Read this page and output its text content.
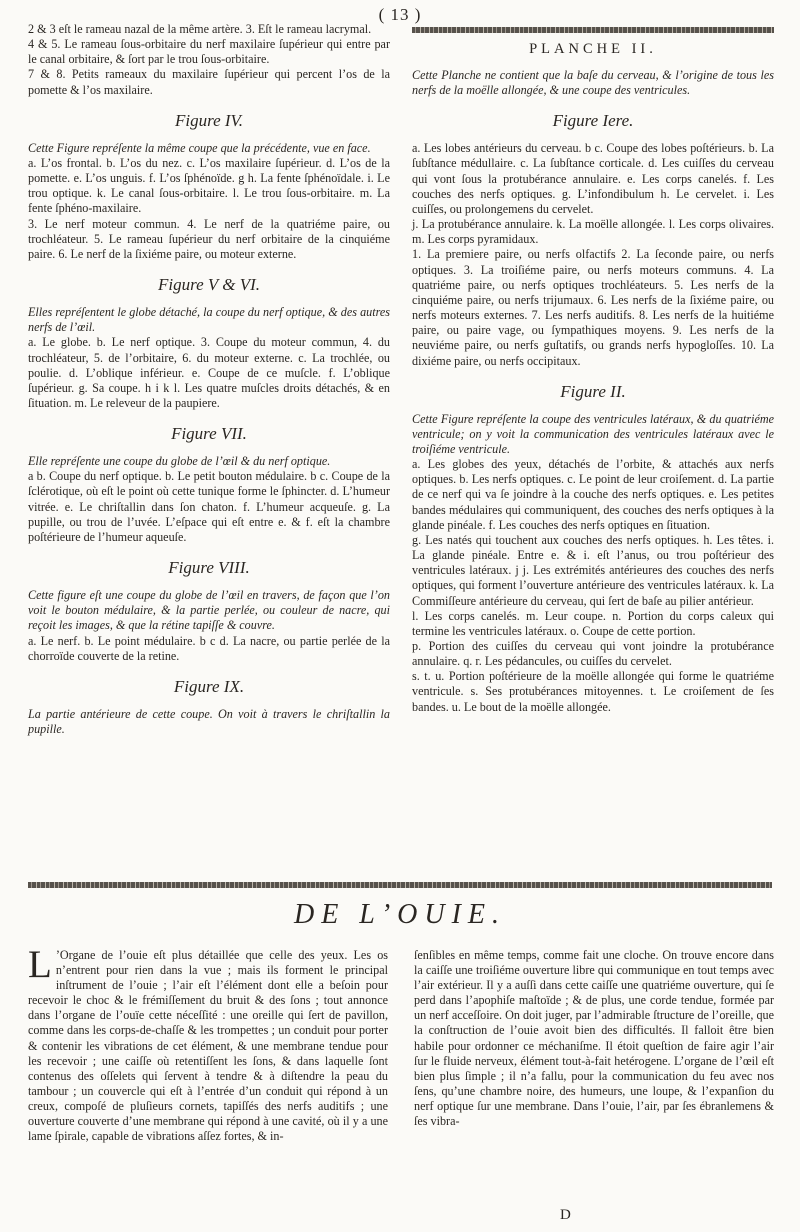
( 13 )

2 & 3 eſt le rameau nazal de la même artère. 3. Eſt le rameau lacrymal.

4 & 5. Le rameau ſous-orbitaire du nerf maxilaire ſupérieur qui entre par le canal orbitaire, & ſort par le trou ſous-orbitaire.

7 & 8. Petits rameaux du maxilaire ſupérieur qui percent l’os de la pomette & l’os maxilaire.

Figure IV.

Cette Figure repréſente la même coupe que la précédente, vue en face.

a. L’os frontal. b. L’os du nez. c. L’os maxilaire ſupérieur. d. L’os de la pomette. e. L’os unguis. f. L’os ſphénoïde. g h. La fente ſphénoïdale. i. Le trou optique. k. Le canal ſous-orbitaire. l. Le trou ſous-orbitaire. m. La fente ſphéno-maxilaire.

3. Le nerf moteur commun. 4. Le nerf de la quatriéme paire, ou trochléateur. 5. Le rameau ſupérieur du nerf orbitaire de la cinquiéme paire. 6. Le nerf de la ſixiéme paire, ou moteur externe.

Figure V & VI.

Elles repréſentent le globe détaché, la coupe du nerf optique, & des autres nerfs de l’œil.

a. Le globe. b. Le nerf optique. 3. Coupe du moteur commun, 4. du trochléateur, 5. de l’orbitaire, 6. du moteur externe. c. La trochlée, ou poulie. d. L’oblique inférieur. e. Coupe de ce muſcle. f. L’oblique ſupérieur. g. Sa coupe. h i k l. Les quatre muſcles droits détachés, & en ſituation. m. Le releveur de la paupiere.

Figure VII.

Elle repréſente une coupe du globe de l’œil & du nerf optique.

a b. Coupe du nerf optique. b. Le petit bouton médulaire. b c. Coupe de la ſclérotique, où eſt le point où cette tunique forme le ſphincter. d. L’humeur vitrée. e. Le chriſtallin dans ſon chaton. f. L’humeur acqueuſe. g. La pupille, ou trou de l’uvée. L’eſpace qui eſt entre e. & f. eſt la chambre poſtérieure de l’humeur aqueuſe.

Figure VIII.

Cette figure eſt une coupe du globe de l’œil en travers, de façon que l’on voit le bouton médulaire, & la partie perlée, ou couleur de nacre, qui reçoit les images, & que la rétine tapiſſe & couvre.

a. Le nerf. b. Le point médulaire. b c d. La nacre, ou partie perlée de la chorroïde couverte de la retine.

Figure IX.

La partie antérieure de cette coupe. On voit à travers le chriſtallin la pupille.

PLANCHE II.

Cette Planche ne contient que la baſe du cerveau, & l’origine de tous les nerfs de la moëlle allongée, & une coupe des ventricules.

Figure Iere.

a. Les lobes antérieurs du cerveau. b c. Coupe des lobes poſtérieurs. b. La ſubſtance médullaire. c. La ſubſtance corticale. d. Les cuiſſes du cerveau qui vont ſous la protubérance annulaire. e. Les corps canelés. f. Les couches des nerfs optiques. g. L’infondibulum h. Le cervelet. i. Les cuiſſes, ou prolongemens du cervelet.

j. La protubérance annulaire. k. La moëlle allongée. l. Les corps olivaires. m. Les corps pyramidaux.

1. La premiere paire, ou nerfs olfactifs 2. La ſeconde paire, ou nerfs optiques. 3. La troiſiéme paire, ou nerfs moteurs communs. 4. La quatriéme paire, ou nerfs optiques trochléateurs. 5. Les nerfs de la cinquiéme paire, ou nerfs trijumaux. 6. Les nerfs de la ſixiéme paire, ou nerfs moteurs externes. 7. Les nerfs auditifs. 8. Les nerfs de la huitiéme paire, ou paire vage, ou ſympathiques moyens. 9. Les nerfs de la neuviéme paire, ou nerfs guſtatifs, ou grands nerfs hypogloſſes. 10. La dixiéme paire, ou nerfs occipitaux.

Figure II.

Cette Figure repréſente la coupe des ventricules latéraux, & du quatriéme ventricule; on y voit la communication des ventricules latéraux avec le troiſiéme ventricule.

a. Les globes des yeux, détachés de l’orbite, & attachés aux nerfs optiques. b. Les nerfs optiques. c. Le point de leur croiſement. d. La partie de ce nerf qui va ſe joindre à la couche des nerfs optiques. e. Les petites bandes médulaires qui communiquent, des couches des nerfs optiques à la glande pinéale. f. Les couches des nerfs optiques en ſituation.

g. Les natés qui touchent aux couches des nerfs optiques. h. Les têtes. i. La glande pinéale. Entre e. & i. eſt l’anus, ou trou poſtérieur des ventricules latéraux. j j. Les extrémités antérieures des couches des nerfs optiques, qui forment l’ouverture antérieure des ventricules latéraux. k. La Commiſſeure antérieure du cerveau, qui ſert de baſe au pilier antérieur.

l. Les corps canelés. m. Leur coupe. n. Portion du corps caleux qui termine les ventricules latéraux. o. Coupe de cette portion.

p. Portion des cuiſſes du cerveau qui vont joindre la protubérance annulaire. q. r. Les pédancules, ou cuiſſes du cervelet.

s. t. u. Portion poſtérieure de la moëlle allongée qui forme le quatriéme ventricule. s. Ses protubérances mitoyennes. t. Le croiſement de ſes bandes. u. Le bout de la moëlle allongée.

DE L’OUIE.

L ’Organe de l’ouie eſt plus détaillée que celle des yeux. Les os n’entrent pour rien dans la vue ; mais ils forment le principal inſtrument de l’ouie ; l’air eſt l’élément dont elle a beſoin pour recevoir le choc & le frémiſſement du bruit & des ſons ; tout annonce dans l’organe de l’ouïe cette néceſſité : une oreille qui ſert de pavillon, comme dans les corps-de-chaſſe & les trompettes ; un conduit pour porter & contenir les vibrations de cet élément, & une membrane tendue pour les recevoir ; une caiſſe où retentiſſent les ſons, & dans laquelle ſont contenus des oſſelets qui ſervent à tendre & à diſtendre la peau du tambour ; un couvercle qui eſt à l’entrée d’un conduit qui répond à un creux, compoſé de pluſieurs cornets, tapiſſés des nerfs auditifs ; une ouverture couverte d’une membrane qui répond à une cavité, où il y a une lame ſpirale, capable de vibrations aſſez fortes, & in-

ſenſibles en même temps, comme fait une cloche. On trouve encore dans la caiſſe une troiſiéme ouverture libre qui communique en tout temps avec l’air extérieur. Il y a auſſi dans cette caiſſe une quatriéme ouverture, qui ſe perd dans l’apophiſe maſtoïde ; & de plus, une corde tendue, formée par un nerf acceſſoire. On doit juger, par l’admirable ſtructure de l’oreille, que la conſtruction de l’ouie avoit bien des difficultés. Il falloit être bien habile pour ordonner ce méchaniſme. Il étoit queſtion de faire agir l’air ſur le fluide nerveux, élément tout-à-fait hetérogene. L’organe de l’œil eſt bien plus ſimple ; il n’a fallu, pour la communication du feu avec nos ſens, qu’une chambre noire, des humeurs, une loupe, & l’expanſion du nerf optique ſur une membrane. Dans l’ouie, l’air, par ſes ébranlemens & ſes vibra-

D
